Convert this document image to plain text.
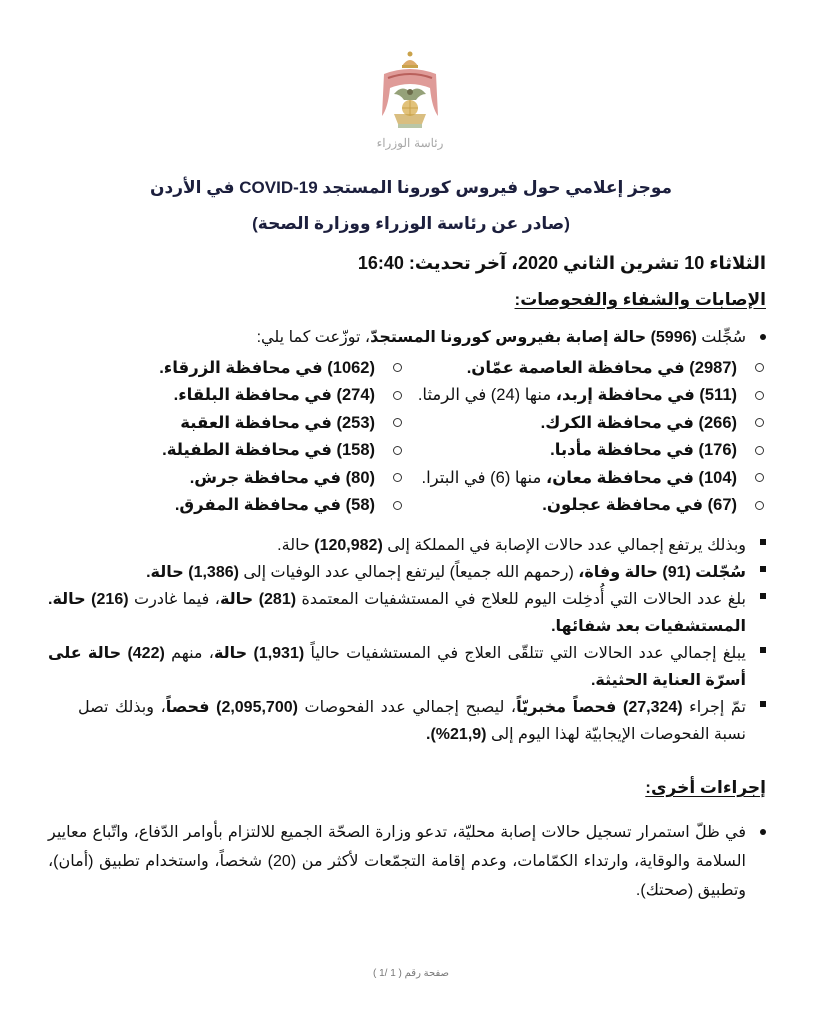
رئاسة الوزراء
موجز إعلامي حول فيروس كورونا المستجد COVID-19 في الأردن
(صادر عن رئاسة الوزراء ووزارة الصحة)
الثلاثاء 10 تشرين الثاني 2020، آخر تحديث: 16:40
الإصابات والشفاء والفحوصات:
سُجِّلت (5996) حالة إصابة بفيروس كورونا المستجدّ، توزّعت كما يلي:
(2987) في محافظة العاصمة عمّان.
(511) في محافظة إربد، منها (24) في الرمثا.
(266) في محافظة الكرك.
(176) في محافظة مأدبا.
(104) في محافظة معان، منها (6) في البترا.
(67) في محافظة عجلون.
(1062) في محافظة الزرقاء.
(274) في محافظة البلقاء.
(253) في محافظة العقبة
(158) في محافظة الطفيلة.
(80) في محافظة جرش.
(58) في محافظة المفرق.
وبذلك يرتفع إجمالي عدد حالات الإصابة في المملكة إلى (120,982) حالة.
سُجّلت (91) حالة وفاة، (رحمهم الله جميعاً) ليرتفع إجمالي عدد الوفيات إلى (1,386) حالة.
بلغ عدد الحالات التي أُدخِلت اليوم للعلاج في المستشفيات المعتمدة (281) حالة، فيما غادرت (216) حالة. المستشفيات بعد شفائها.
يبلغ إجمالي عدد الحالات التي تتلقّى العلاج في المستشفيات حالياً (1,931) حالة، منهم (422) حالة على أسرّة العناية الحثيثة.
تمّ إجراء (27,324) فحصاً مخبريّاً، ليصبح إجمالي عدد الفحوصات (2,095,700) فحصاً، وبذلك تصل نسبة الفحوصات الإيجابيّة لهذا اليوم إلى (21,9%).
إجراءات أخرى:
في ظلّ استمرار تسجيل حالات إصابة محليّة، تدعو وزارة الصحّة الجميع للالتزام بأوامر الدّفاع، واتّباع معايير السلامة والوقاية، وارتداء الكمّامات، وعدم إقامة التجمّعات لأكثر من (20) شخصاً، واستخدام تطبيق (أمان)، وتطبيق (صحتك).
صفحة رقم ( 1 /1 )
